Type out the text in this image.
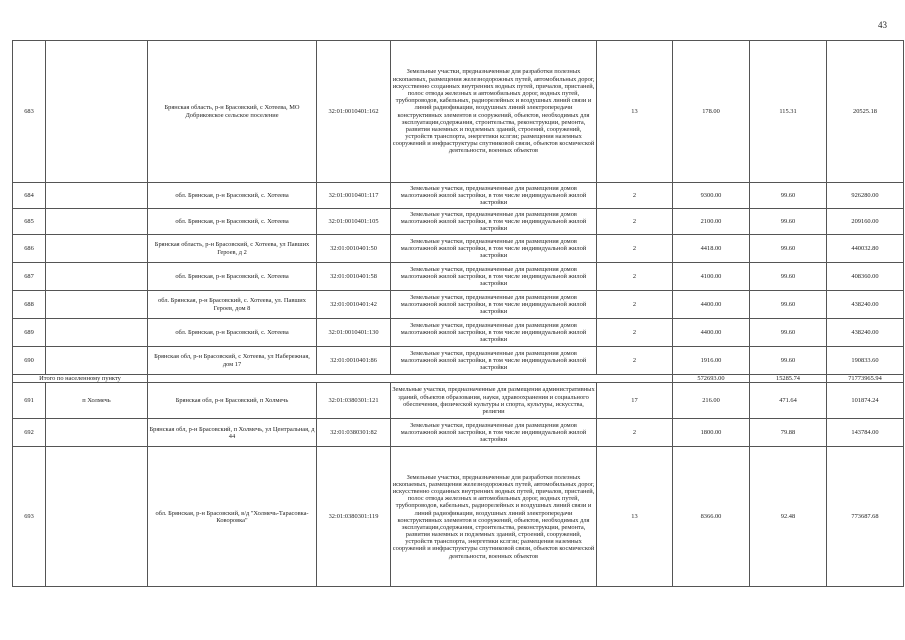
43
683		Брянская область, р-н Брасовский, с Хотеева, МО Добриковское сельское поселение	32:01:0010401:162	Земельные участки, предназначенные для разработки полезных ископаемых, размещения железнодорожных путей, автомобильных дорог, искусственно созданных внутренних водных путей, причалов, пристаней, полос отвода железных и автомобильных дорог, водных путей, трубопроводов, кабельных, радиорелейных и воздушных линий связи и линий радиофикации, воздушных линий электропередачи конструктивных элементов и сооружений, объектов, необходимых для эксплуатации,содержания, строительства, реконструкции, ремонта, развития наземных и подземных зданий, строений, сооружений, устройств транспорта, энергетики кслгзи; размещения наземных сооружений и инфраструктуры спутниковой связи, объектов космической деятельности, военных объектов	13	178.00	115.31	20525.18
684		обл. Брянская, р-н Брасовский, с. Хотеева	32:01:0010401:117	Земельные участки, предназначенные для размещения домов малоэтажной жилой застройки, в том числе индивидуальной жилой застройки	2	9300.00	99.60	926280.00
685		обл. Брянская, р-н Брасовский, с. Хотеева	32:01:0010401:105	Земельные участки, предназначенные для размещения домов малоэтажной жилой застройки, в том числе индивидуальной жилой застройки	2	2100.00	99.60	209160.00
686		Брянская область, р-н Брасовский, с Хотеева, ул Павших Героев, д 2	32:01:0010401:50	Земельные участки, предназначенные для размещения домов малоэтажной жилой застройки, в том числе индивидуальной жилой застройки	2	4418.00	99.60	440032.80
687		обл. Брянская, р-н Брасовский, с. Хотеева	32:01:0010401:58	Земельные участки, предназначенные для размещения домов малоэтажной жилой застройки, в том числе индивидуальной жилой застройки	2	4100.00	99.60	408360.00
688		обл. Брянская, р-н Брасовский, с. Хотеева, ул. Павших Героев, дом 8	32:01:0010401:42	Земельные участки, предназначенные для размещения домов малоэтажной жилой застройки, в том числе индивидуальной жилой застройки	2	4400.00	99.60	438240.00
689		обл. Брянская, р-н Брасовский, с. Хотеева	32:01:0010401:130	Земельные участки, предназначенные для размещения домов малоэтажной жилой застройки, в том числе индивидуальной жилой застройки	2	4400.00	99.60	438240.00
690		Брянская обл, р-н Брасовский, с Хотеева, ул Набережная, дом 17	32:01:0010401:86	Земельные участки, предназначенные для размещения домов малоэтажной жилой застройки, в том числе индивидуальной жилой застройки	2	1916.00	99.60	190833.60
Итого по населенному пункту						572693.00	15285.74	71773965.94
691	п Холмечь	Брянская обл, р-н Брасовский, п Холмечь	32:01:0380301:121	Земельные участки, предназначенные для размещения административных зданий, объектов образования, науки, здравоохранения и социального обеспечения, физической культуры и спорта, культуры, искусства, религии	17	216.00	471.64	101874.24
692		Брянская обл, р-н Брасовский, п Холмечь, ул Центральная, д 44	32:01:0380301:82	Земельные участки, предназначенные для размещения домов малоэтажной жилой застройки, в том числе индивидуальной жилой застройки	2	1800.00	79.88	143784.00
693		обл. Брянская, р-н Брасовский, в/д "Холмечь-Тарасовка-Коворовка"	32:01:0380301:119	Земельные участки, предназначенные для разработки полезных ископаемых, размещения железнодорожных путей, автомобильных дорог, искусственно созданных внутренних водных путей, причалов, пристаней, полос отвода железных и автомобильных дорог, водных путей, трубопроводов, кабельных, радиорелейных и воздушных линий связи и линий радиофикации, воздушных линий электропередачи конструктивных элементов и сооружений, объектов, необходимых для эксплуатации,содержания, строительства, реконструкции, ремонта, развития наземных и подземных зданий, строений, сооружений, устройств транспорта, энергетики кслгзи; размещения наземных сооружений и инфраструктуры спутниковой связи, объектов космической деятельности, военных объектов	13	8366.00	92.48	773687.68
